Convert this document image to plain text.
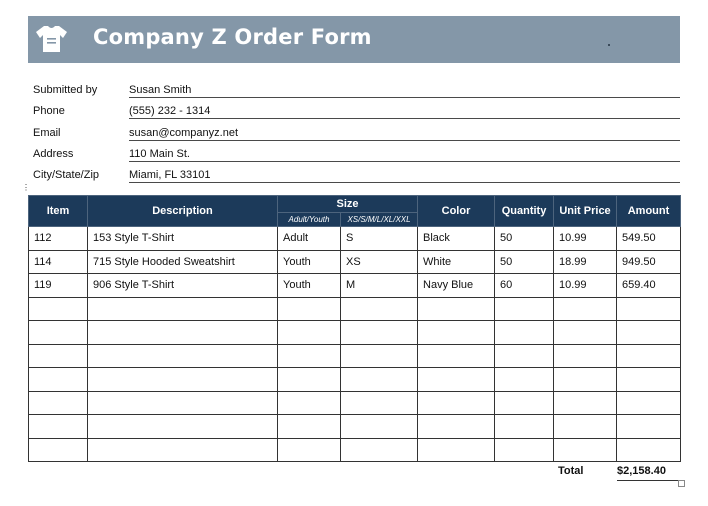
Company Z Order Form
Submitted by	Susan Smith
Phone	(555) 232 - 1314
Email	susan@companyz.net
Address	110 Main St.
City/State/Zip	Miami, FL 33101
⋮
Item	Description	Size		Color	Quantity	Unit Price	Amount
		Adult/Youth	XS/S/M/L/XL/XXL				
112	153 Style T-Shirt	Adult	S	Black	50	10.99	549.50
114	715 Style Hooded Sweatshirt	Youth	XS	White	50	18.99	949.50
119	906 Style T-Shirt	Youth	M	Navy Blue	60	10.99	659.40

Total	$2,158.40
